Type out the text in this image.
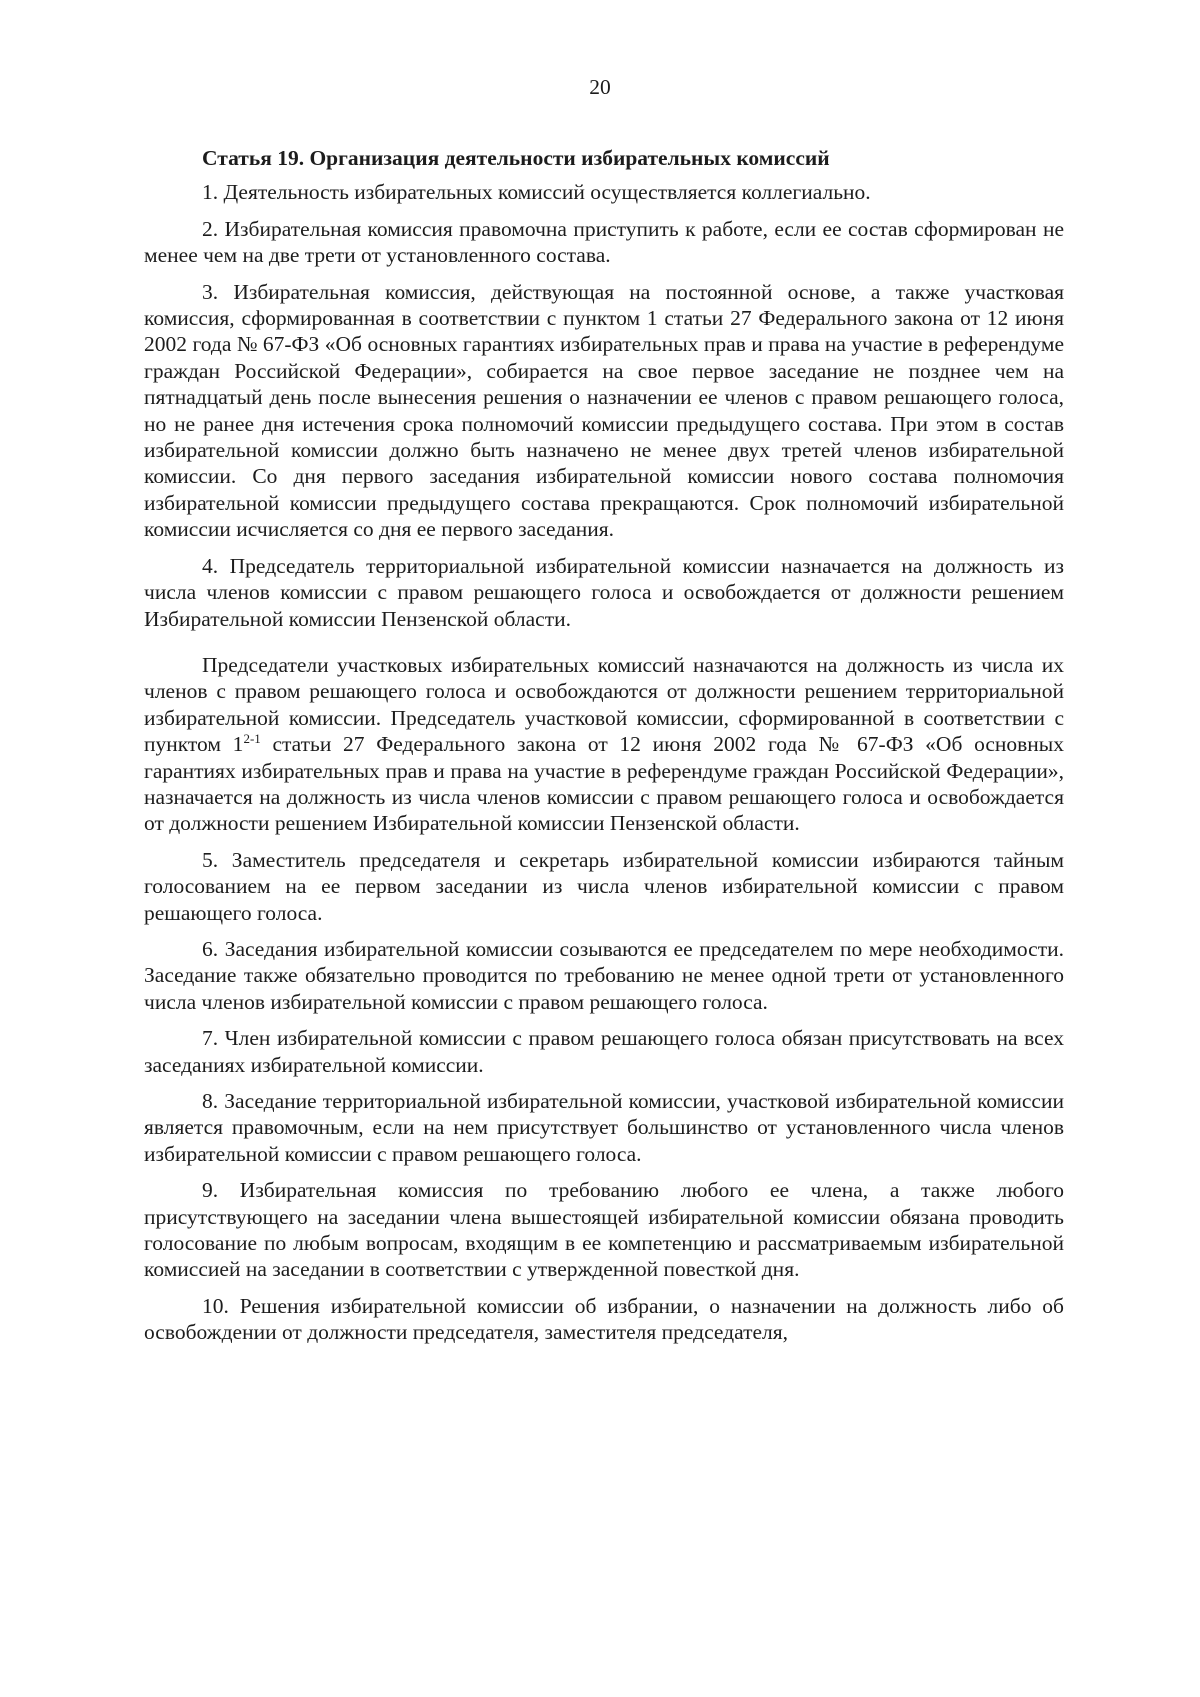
20

Статья 19. Организация деятельности избирательных комиссий

1. Деятельность избирательных комиссий осуществляется коллегиально.

2. Избирательная комиссия правомочна приступить к работе, если ее состав сформирован не менее чем на две трети от установленного состава.

3. Избирательная комиссия, действующая на постоянной основе, а также участковая комиссия, сформированная в соответствии с пунктом 1 статьи 27 Федерального закона от 12 июня 2002 года № 67-ФЗ «Об основных гарантиях избирательных прав и права на участие в референдуме граждан Российской Федерации», собирается на свое первое заседание не позднее чем на пятнадцатый день после вынесения решения о назначении ее членов с правом решающего голоса, но не ранее дня истечения срока полномочий комиссии предыдущего состава. При этом в состав избирательной комиссии должно быть назначено не менее двух третей членов избирательной комиссии. Со дня первого заседания избирательной комиссии нового состава полномочия избирательной комиссии предыдущего состава прекращаются. Срок полномочий избирательной комиссии исчисляется со дня ее первого заседания.

4. Председатель территориальной избирательной комиссии назначается на должность из числа членов комиссии с правом решающего голоса и освобождается от должности решением Избирательной комиссии Пензенской области.

Председатели участковых избирательных комиссий назначаются на должность из числа их членов с правом решающего голоса и освобождаются от должности решением территориальной избирательной комиссии. Председатель участковой комиссии, сформированной в соответствии с пунктом 1$^{2-1}$ статьи 27 Федерального закона от 12 июня 2002 года № 67-ФЗ «Об основных гарантиях избирательных прав и права на участие в референдуме граждан Российской Федерации», назначается на должность из числа членов комиссии с правом решающего голоса и освобождается от должности решением Избирательной комиссии Пензенской области.

5. Заместитель председателя и секретарь избирательной комиссии избираются тайным голосованием на ее первом заседании из числа членов избирательной комиссии с правом решающего голоса.

6. Заседания избирательной комиссии созываются ее председателем по мере необходимости. Заседание также обязательно проводится по требованию не менее одной трети от установленного числа членов избирательной комиссии с правом решающего голоса.

7. Член избирательной комиссии с правом решающего голоса обязан присутствовать на всех заседаниях избирательной комиссии.

8. Заседание территориальной избирательной комиссии, участковой избирательной комиссии является правомочным, если на нем присутствует большинство от установленного числа членов избирательной комиссии с правом решающего голоса.

9. Избирательная комиссия по требованию любого ее члена, а также любого присутствующего на заседании члена вышестоящей избирательной комиссии обязана проводить голосование по любым вопросам, входящим в ее компетенцию и рассматриваемым избирательной комиссией на заседании в соответствии с утвержденной повесткой дня.

10. Решения избирательной комиссии об избрании, о назначении на должность либо об освобождении от должности председателя, заместителя председателя,
